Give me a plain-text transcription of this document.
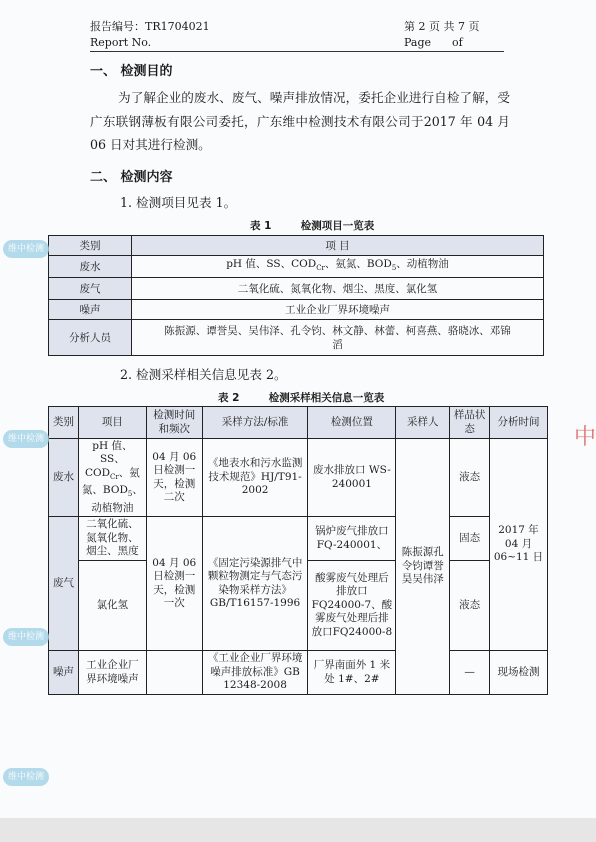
报告编号：TR1704021
Report No.
第 2 页 共 7 页
Page      of
一、 检测目的
为了解企业的废水、废气、噪声排放情况，委托企业进行自检了解，受广东联钢薄板有限公司委托，广东维中检测技术有限公司于2017 年 04 月 06 日对其进行检测。
二、 检测内容
1. 检测项目见表 1。
表 1        检测项目一览表
类别	项 目
废水	pH 值、SS、$COD_{Cr}$、氨氮、$BOD_5$、动植物油
废气	二氧化硫、氮氧化物、烟尘、黑度、氯化氢
噪声	工业企业厂界环境噪声
分析人员	陈振源、谭誉昊、吴伟泽、孔令钧、林文静、林蕾、柯喜燕、骆晓冰、邓锦滔
2. 检测采样相关信息见表 2。
表 2        检测采样相关信息一览表
类别	项目	检测时间和频次	采样方法/标准	检测位置	采样人	样品状态	分析时间
废水	pH 值、SS、$COD_{Cr}$、氨氮、$BOD_5$、动植物油	04 月 06 日检测一天，检测二次	《地表水和污水监测技术规范》HJ/T91-2002	废水排放口 WS-240001	陈振源孔令钧谭誉昊吴伟泽	液态	2017 年 04 月 06~11 日
废气	二氧化硫、氮氧化物、烟尘、黑度	04 月 06 日检测一天，检测一次	《固定污染源排气中颗粒物测定与气态污染物采样方法》GB/T16157-1996	锅炉废气排放口 FQ-240001、		固态	
	氯化氢			酸雾废气处理后排放口FQ24000-7、酸雾废气处理后排放口FQ24000-8		液态	
噪声	工业企业厂界环境噪声		《工业企业厂界环境噪声排放标准》GB 12348-2008	厂界南面外 1 米处 1#、2#		—	现场检测
维中检测
维中检测
维中检测
维中检测
中
